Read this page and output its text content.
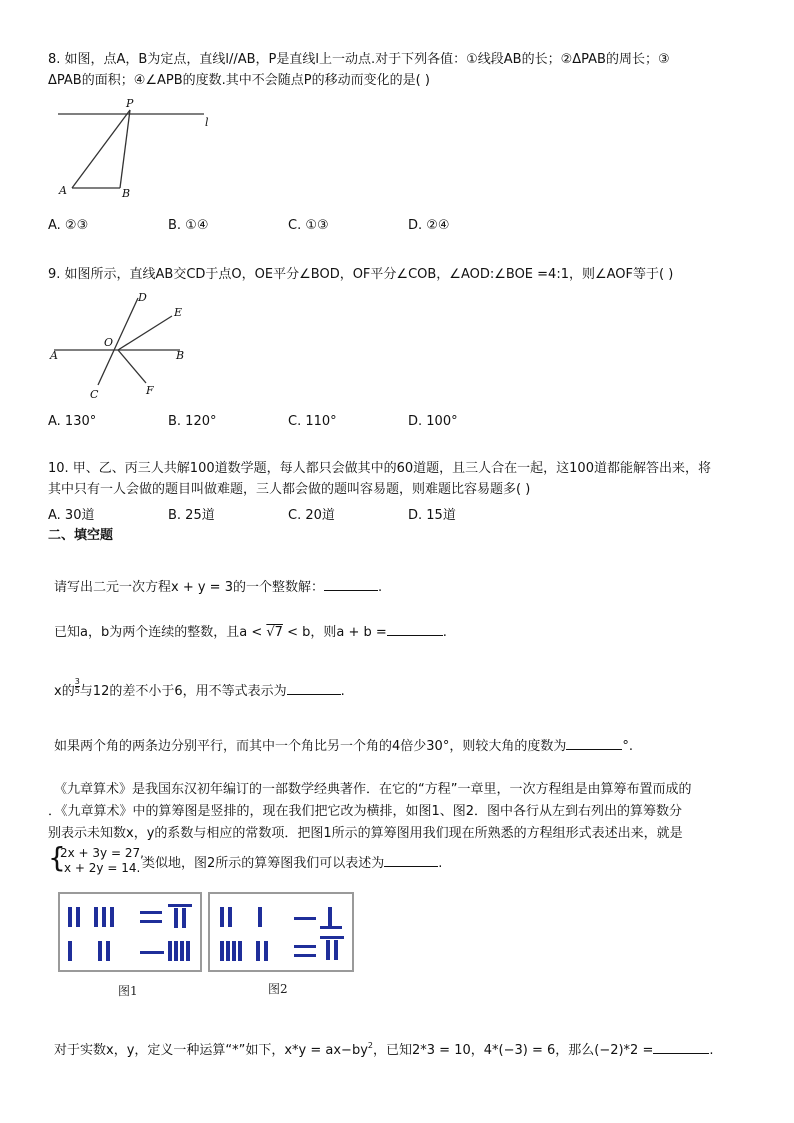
8. 如图，点A，B为定点，直线l//AB，P是直线l上一动点.对于下列各值：①线段AB的长；②ΔPAB的周长；③
ΔPAB的面积；④∠APB的度数.其中不会随点P的移动而变化的是( )
P
l
A	B
A. ②③	B. ①④	C. ①③	D. ②④
9. 如图所示，直线AB交CD于点O，OE平分∠BOD，OF平分∠COB，∠AOD:∠BOE =4:1，则∠AOF等于( )
D
E
O
A	B
C	F
A. 130°	B. 120°	C. 110°	D. 100°
10. 甲、乙、丙三人共解100道数学题，每人都只会做其中的60道题，且三人合在一起，这100道都能解答出来，将
其中只有一人会做的题目叫做难题，三人都会做的题叫容易题，则难题比容易题多( )
A. 30道	B. 25道	C. 20道	D. 15道
二、填空题
请写出二元一次方程x + y = 3的一个整数解：	.
已知a，b为两个连续的整数，且a < √7 < b，则a + b =	.
x的 $\frac{3}{5}$ 与12的差不小于6，用不等式表示为	.
如果两个角的两条边分别平行，而其中一个角比另一个角的4倍少30°，则较大角的度数为	°.
《九章算术》是我国东汉初年编订的一部数学经典著作．在它的“方程”一章里，一次方程组是由算筹布置而成的
．《九章算术》中的算筹图是竖排的，现在我们把它改为横排，如图1、图2．图中各行从左到右列出的算筹数分
别表示未知数x，y的系数与相应的常数项．把图1所示的算筹图用我们现在所熟悉的方程组形式表述出来，就是
{
2x + 3y = 27,
x + 2y = 14. 类似地，图2所示的算筹图我们可以表述为	.
图1	图2
对于实数x，y，定义一种运算“*”如下，$x*y = ax-by^2$，已知2*3 = 10，4*(−3) = 6，那么(−2)*2 =	.
